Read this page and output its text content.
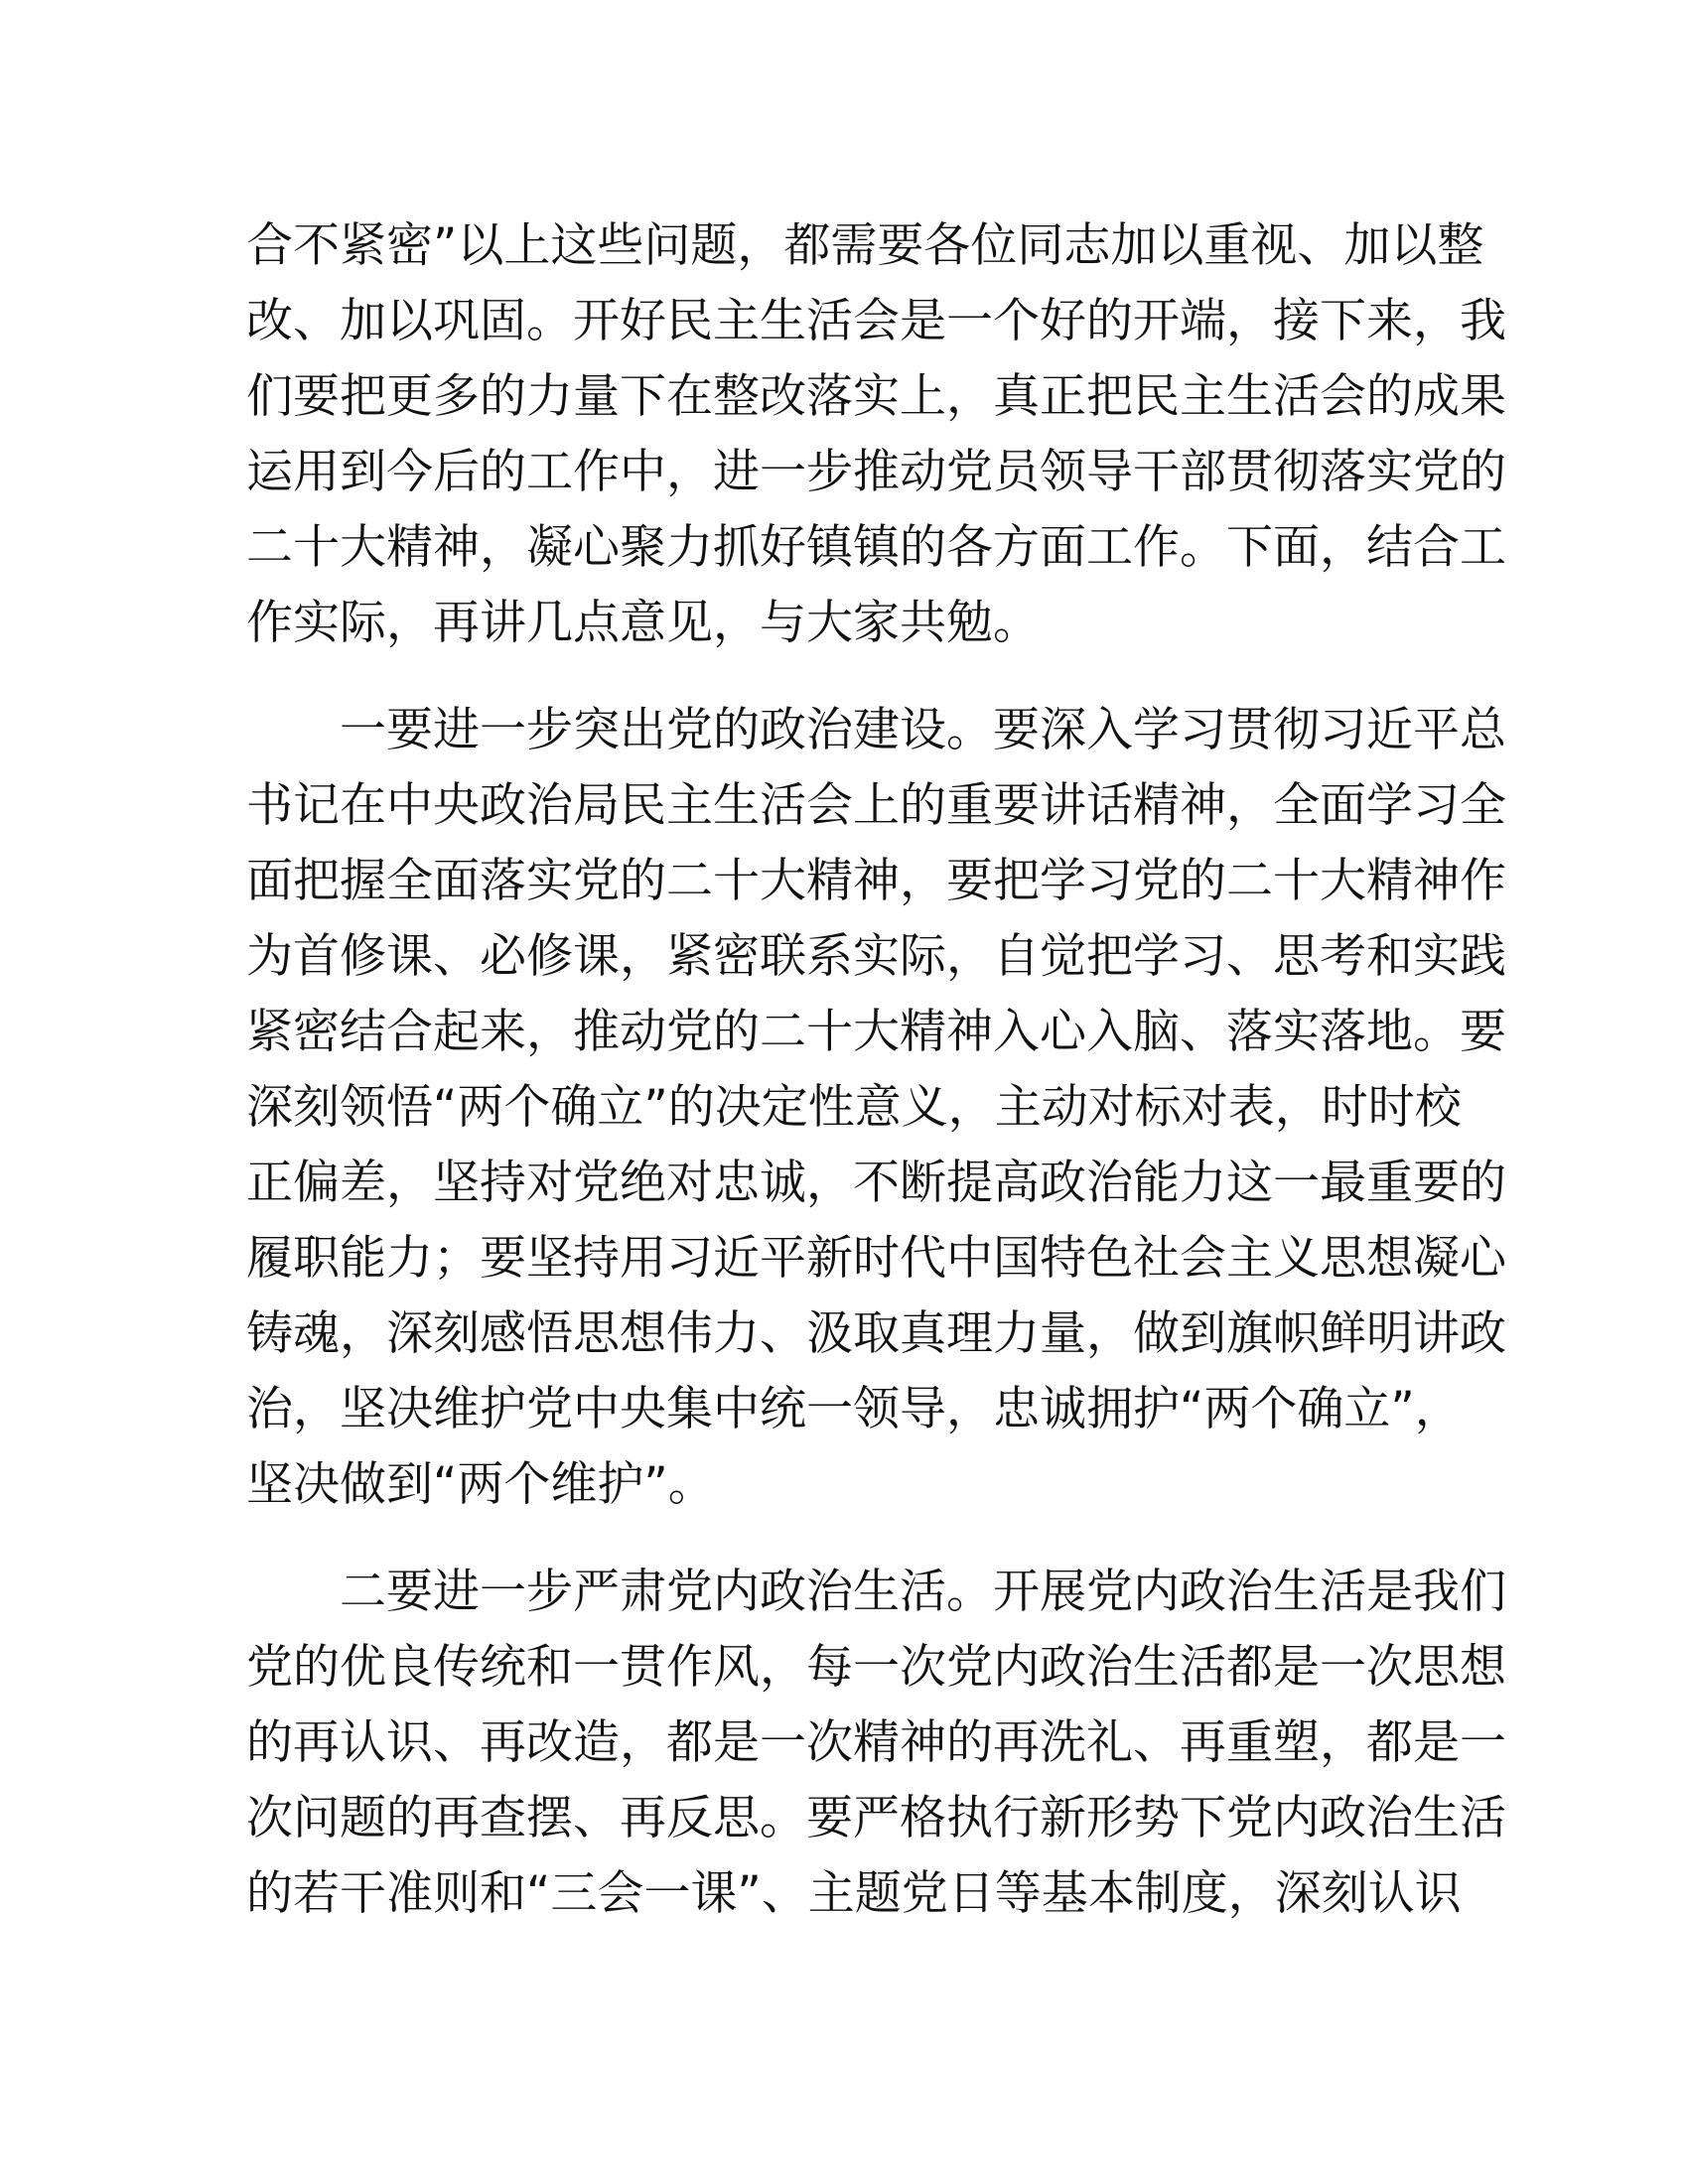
合不紧密”以上这些问题，都需要各位同志加以重视、加以整
改、加以巩固。开好民主生活会是一个好的开端，接下来，我
们要把更多的力量下在整改落实上，真正把民主生活会的成果
运用到今后的工作中，进一步推动党员领导干部贯彻落实党的
二十大精神，凝心聚力抓好镇镇的各方面工作。下面，结合工
作实际，再讲几点意见，与大家共勉。
一要进一步突出党的政治建设。要深入学习贯彻习近平总
书记在中央政治局民主生活会上的重要讲话精神，全面学习全
面把握全面落实党的二十大精神，要把学习党的二十大精神作
为首修课、必修课，紧密联系实际，自觉把学习、思考和实践
紧密结合起来，推动党的二十大精神入心入脑、落实落地。要
深刻领悟“两个确立”的决定性意义，主动对标对表，时时校
正偏差，坚持对党绝对忠诚，不断提高政治能力这一最重要的
履职能力；要坚持用习近平新时代中国特色社会主义思想凝心
铸魂，深刻感悟思想伟力、汲取真理力量，做到旗帜鲜明讲政
治，坚决维护党中央集中统一领导，忠诚拥护“两个确立”，
坚决做到“两个维护”。
二要进一步严肃党内政治生活。开展党内政治生活是我们
党的优良传统和一贯作风，每一次党内政治生活都是一次思想
的再认识、再改造，都是一次精神的再洗礼、再重塑，都是一
次问题的再查摆、再反思。要严格执行新形势下党内政治生活
的若干准则和“三会一课”、主题党日等基本制度，深刻认识
